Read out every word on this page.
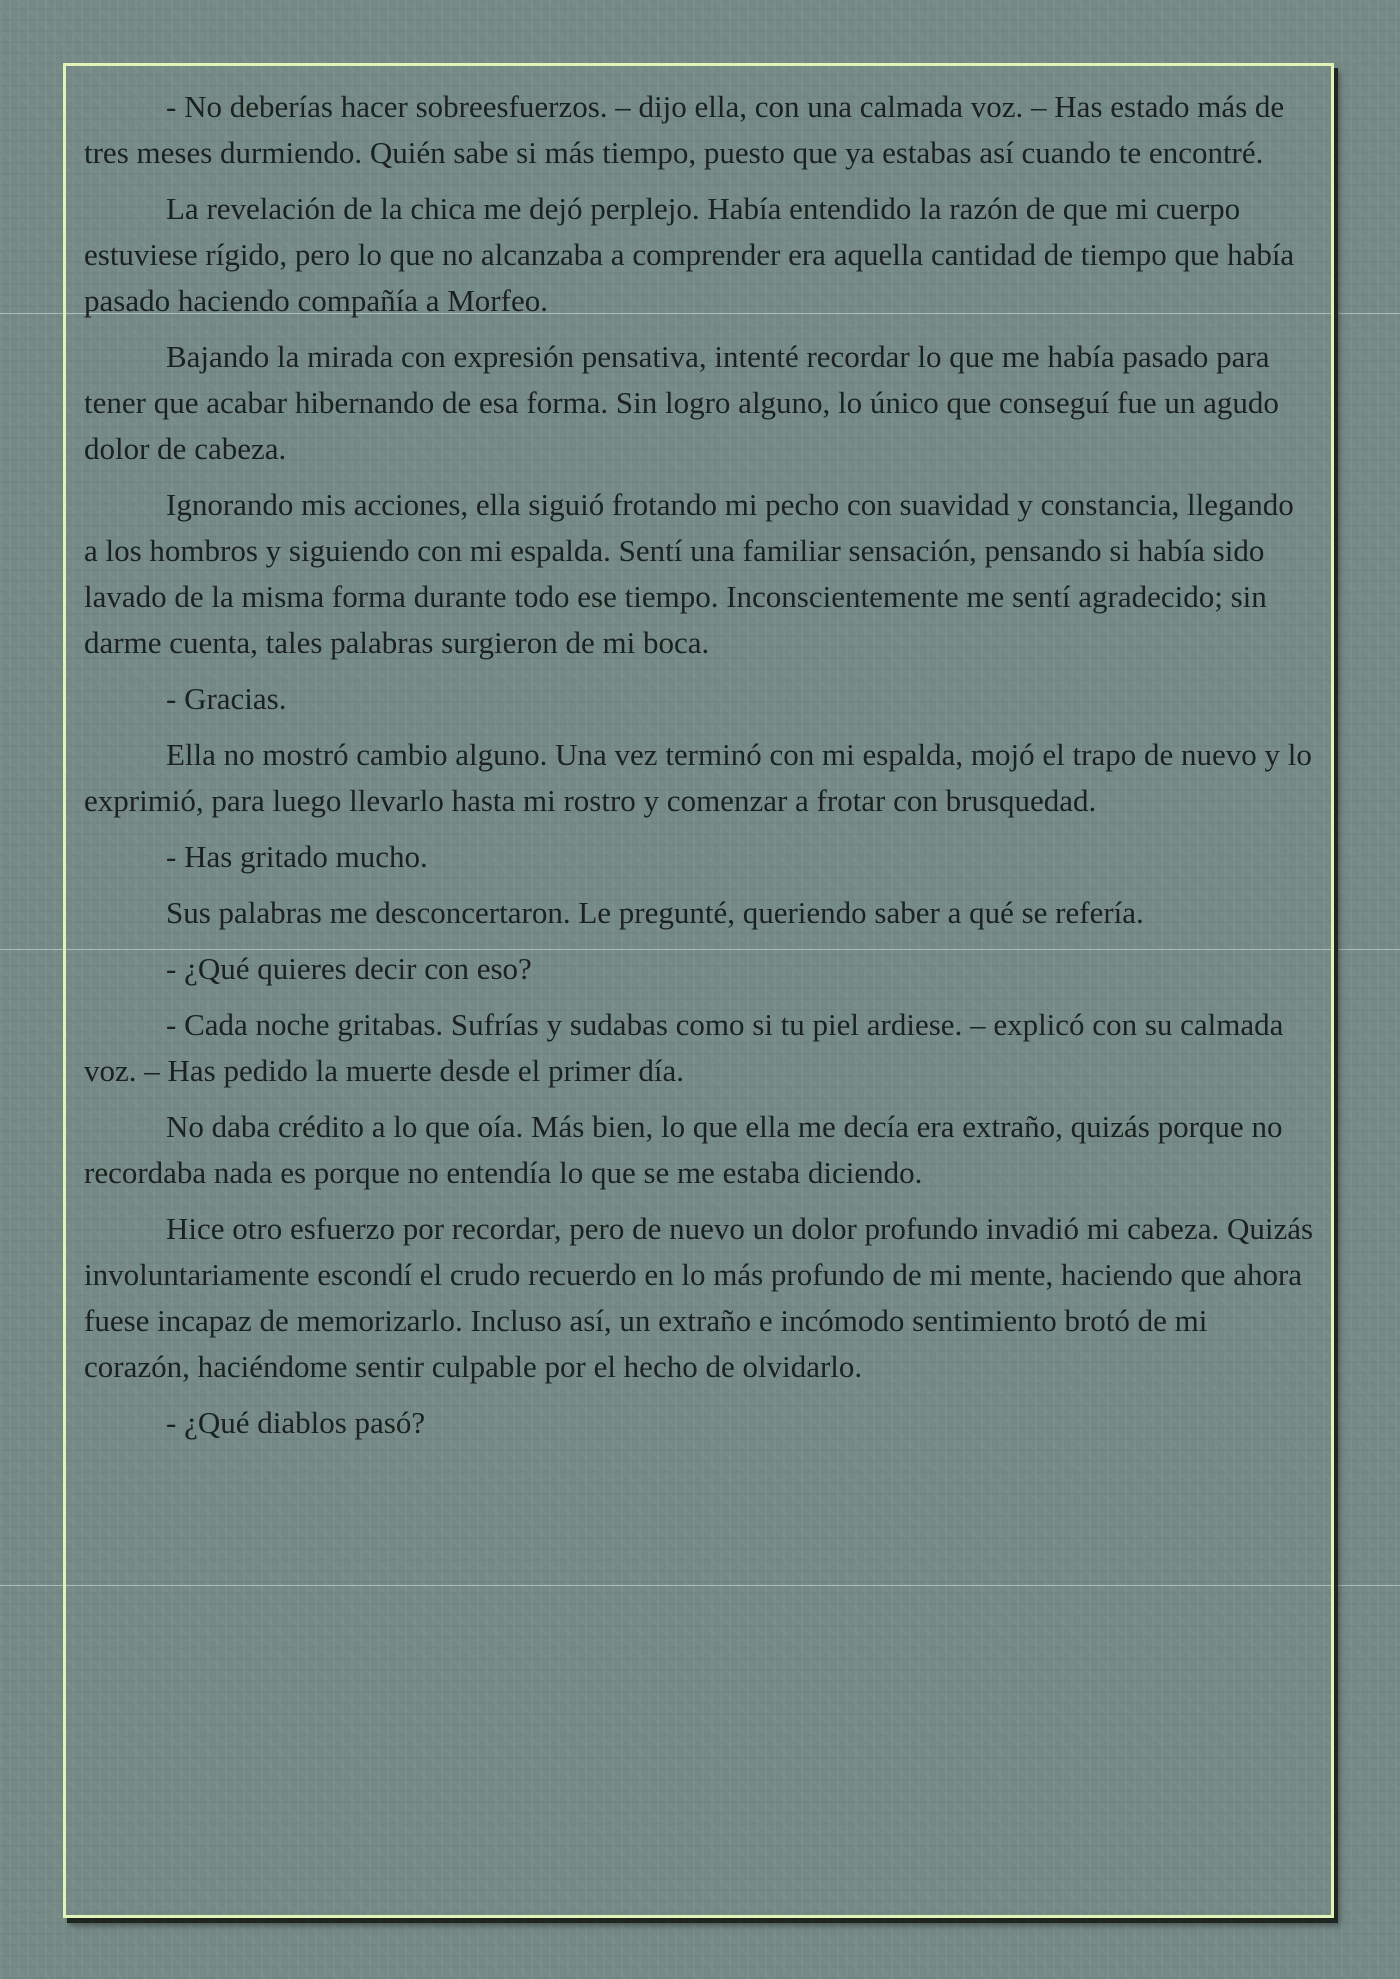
- No deberías hacer sobreesfuerzos. – dijo ella, con una calmada voz. – Has estado más de tres meses durmiendo. Quién sabe si más tiempo, puesto que ya estabas así cuando te encontré.

La revelación de la chica me dejó perplejo. Había entendido la razón de que mi cuerpo estuviese rígido, pero lo que no alcanzaba a comprender era aquella cantidad de tiempo que había pasado haciendo compañía a Morfeo.

Bajando la mirada con expresión pensativa, intenté recordar lo que me había pasado para tener que acabar hibernando de esa forma. Sin logro alguno, lo único que conseguí fue un agudo dolor de cabeza.

Ignorando mis acciones, ella siguió frotando mi pecho con suavidad y constancia, llegando a los hombros y siguiendo con mi espalda. Sentí una familiar sensación, pensando si había sido lavado de la misma forma durante todo ese tiempo. Inconscientemente me sentí agradecido; sin darme cuenta, tales palabras surgieron de mi boca.

- Gracias.

Ella no mostró cambio alguno. Una vez terminó con mi espalda, mojó el trapo de nuevo y lo exprimió, para luego llevarlo hasta mi rostro y comenzar a frotar con brusquedad.

- Has gritado mucho.

Sus palabras me desconcertaron. Le pregunté, queriendo saber a qué se refería.

- ¿Qué quieres decir con eso?

- Cada noche gritabas. Sufrías y sudabas como si tu piel ardiese. – explicó con su calmada voz. – Has pedido la muerte desde el primer día.

No daba crédito a lo que oía. Más bien, lo que ella me decía era extraño, quizás porque no recordaba nada es porque no entendía lo que se me estaba diciendo.

Hice otro esfuerzo por recordar, pero de nuevo un dolor profundo invadió mi cabeza. Quizás involuntariamente escondí el crudo recuerdo en lo más profundo de mi mente, haciendo que ahora fuese incapaz de memorizarlo. Incluso así, un extraño e incómodo sentimiento brotó de mi corazón, haciéndome sentir culpable por el hecho de olvidarlo.

- ¿Qué diablos pasó?
